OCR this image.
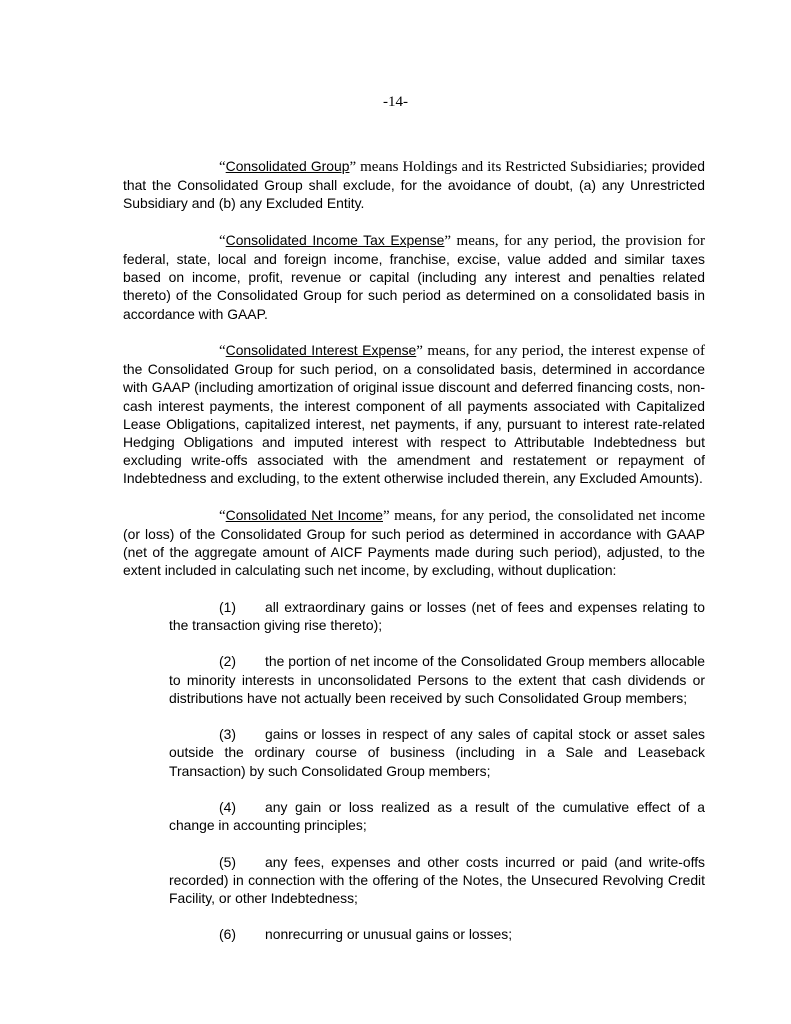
-14-

“Consolidated Group” means Holdings and its Restricted Subsidiaries; provided that the Consolidated Group shall exclude, for the avoidance of doubt, (a) any Unrestricted Subsidiary and (b) any Excluded Entity.

“Consolidated Income Tax Expense” means, for any period, the provision for federal, state, local and foreign income, franchise, excise, value added and similar taxes based on income, profit, revenue or capital (including any interest and penalties related thereto) of the Consolidated Group for such period as determined on a consolidated basis in accordance with GAAP.

“Consolidated Interest Expense” means, for any period, the interest expense of the Consolidated Group for such period, on a consolidated basis, determined in accordance with GAAP (including amortization of original issue discount and deferred financing costs, non-cash interest payments, the interest component of all payments associated with Capitalized Lease Obligations, capitalized interest, net payments, if any, pursuant to interest rate-related Hedging Obligations and imputed interest with respect to Attributable Indebtedness but excluding write-offs associated with the amendment and restatement or repayment of Indebtedness and excluding, to the extent otherwise included therein, any Excluded Amounts).

“Consolidated Net Income” means, for any period, the consolidated net income (or loss) of the Consolidated Group for such period as determined in accordance with GAAP (net of the aggregate amount of AICF Payments made during such period), adjusted, to the extent included in calculating such net income, by excluding, without duplication:

(1) all extraordinary gains or losses (net of fees and expenses relating to the transaction giving rise thereto);

(2) the portion of net income of the Consolidated Group members allocable to minority interests in unconsolidated Persons to the extent that cash dividends or distributions have not actually been received by such Consolidated Group members;

(3) gains or losses in respect of any sales of capital stock or asset sales outside the ordinary course of business (including in a Sale and Leaseback Transaction) by such Consolidated Group members;

(4) any gain or loss realized as a result of the cumulative effect of a change in accounting principles;

(5) any fees, expenses and other costs incurred or paid (and write-offs recorded) in connection with the offering of the Notes, the Unsecured Revolving Credit Facility, or other Indebtedness;

(6) nonrecurring or unusual gains or losses;
